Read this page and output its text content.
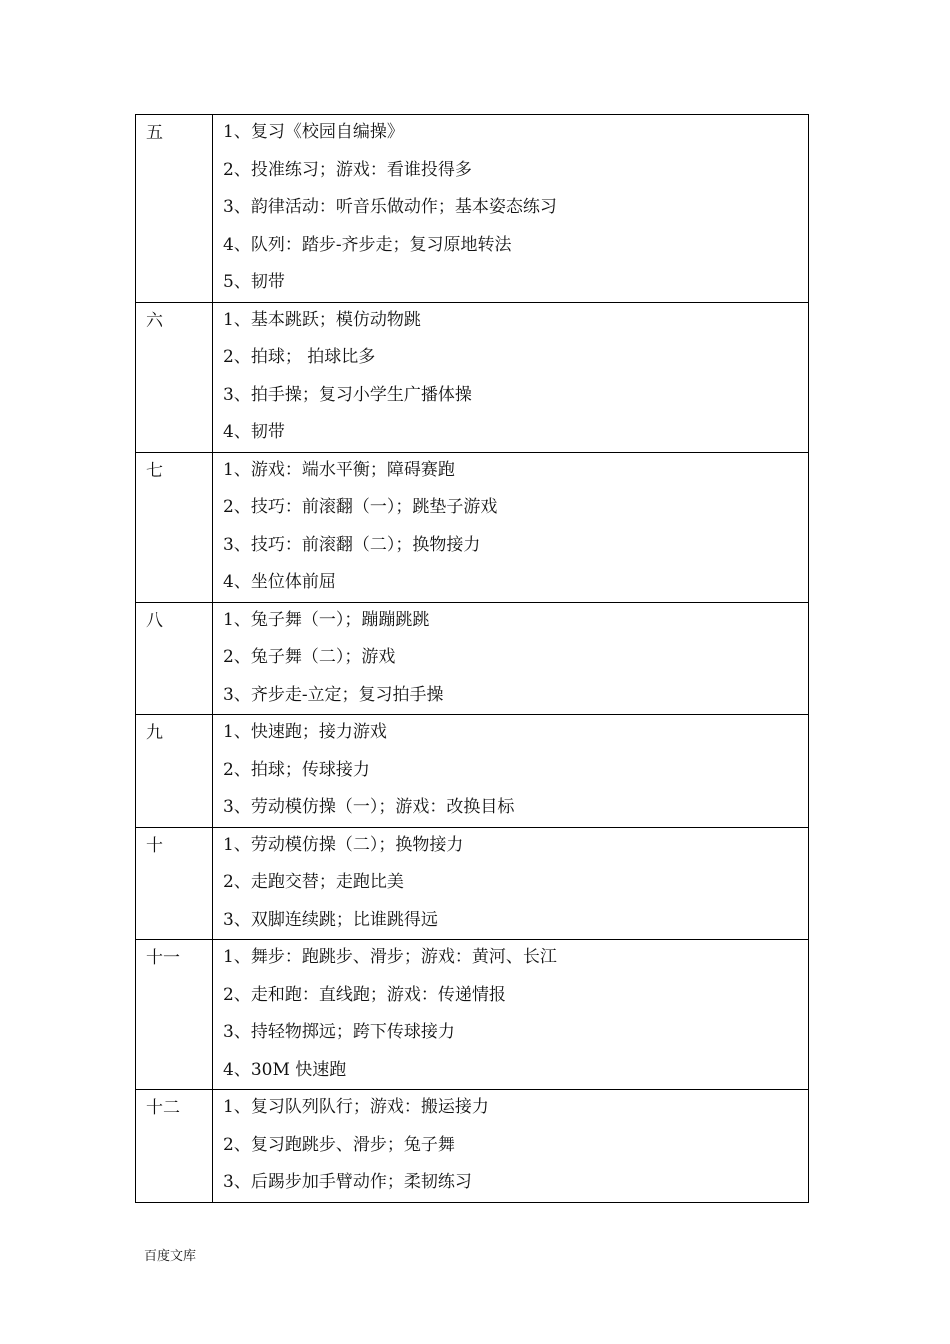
五	1、复习《校园自编操》
2、投准练习；游戏：看谁投得多
3、韵律活动：听音乐做动作；基本姿态练习
4、队列：踏步-齐步走；复习原地转法
5、韧带

六	1、基本跳跃；模仿动物跳
2、拍球； 拍球比多
3、拍手操；复习小学生广播体操
4、韧带

七	1、游戏：端水平衡；障碍赛跑
2、技巧：前滚翻（一）；跳垫子游戏
3、技巧：前滚翻（二）；换物接力
4、坐位体前屈

八	1、兔子舞（一）；蹦蹦跳跳
2、兔子舞（二）；游戏
3、齐步走-立定；复习拍手操

九	1、快速跑；接力游戏
2、拍球；传球接力
3、劳动模仿操（一）；游戏：改换目标

十	1、劳动模仿操（二）；换物接力
2、走跑交替；走跑比美
3、双脚连续跳；比谁跳得远

十一	1、舞步：跑跳步、滑步；游戏：黄河、长江
2、走和跑：直线跑；游戏：传递情报
3、持轻物掷远；跨下传球接力
4、30M 快速跑

十二	1、复习队列队行；游戏：搬运接力
2、复习跑跳步、滑步；兔子舞
3、后踢步加手臂动作；柔韧练习
百度文库
